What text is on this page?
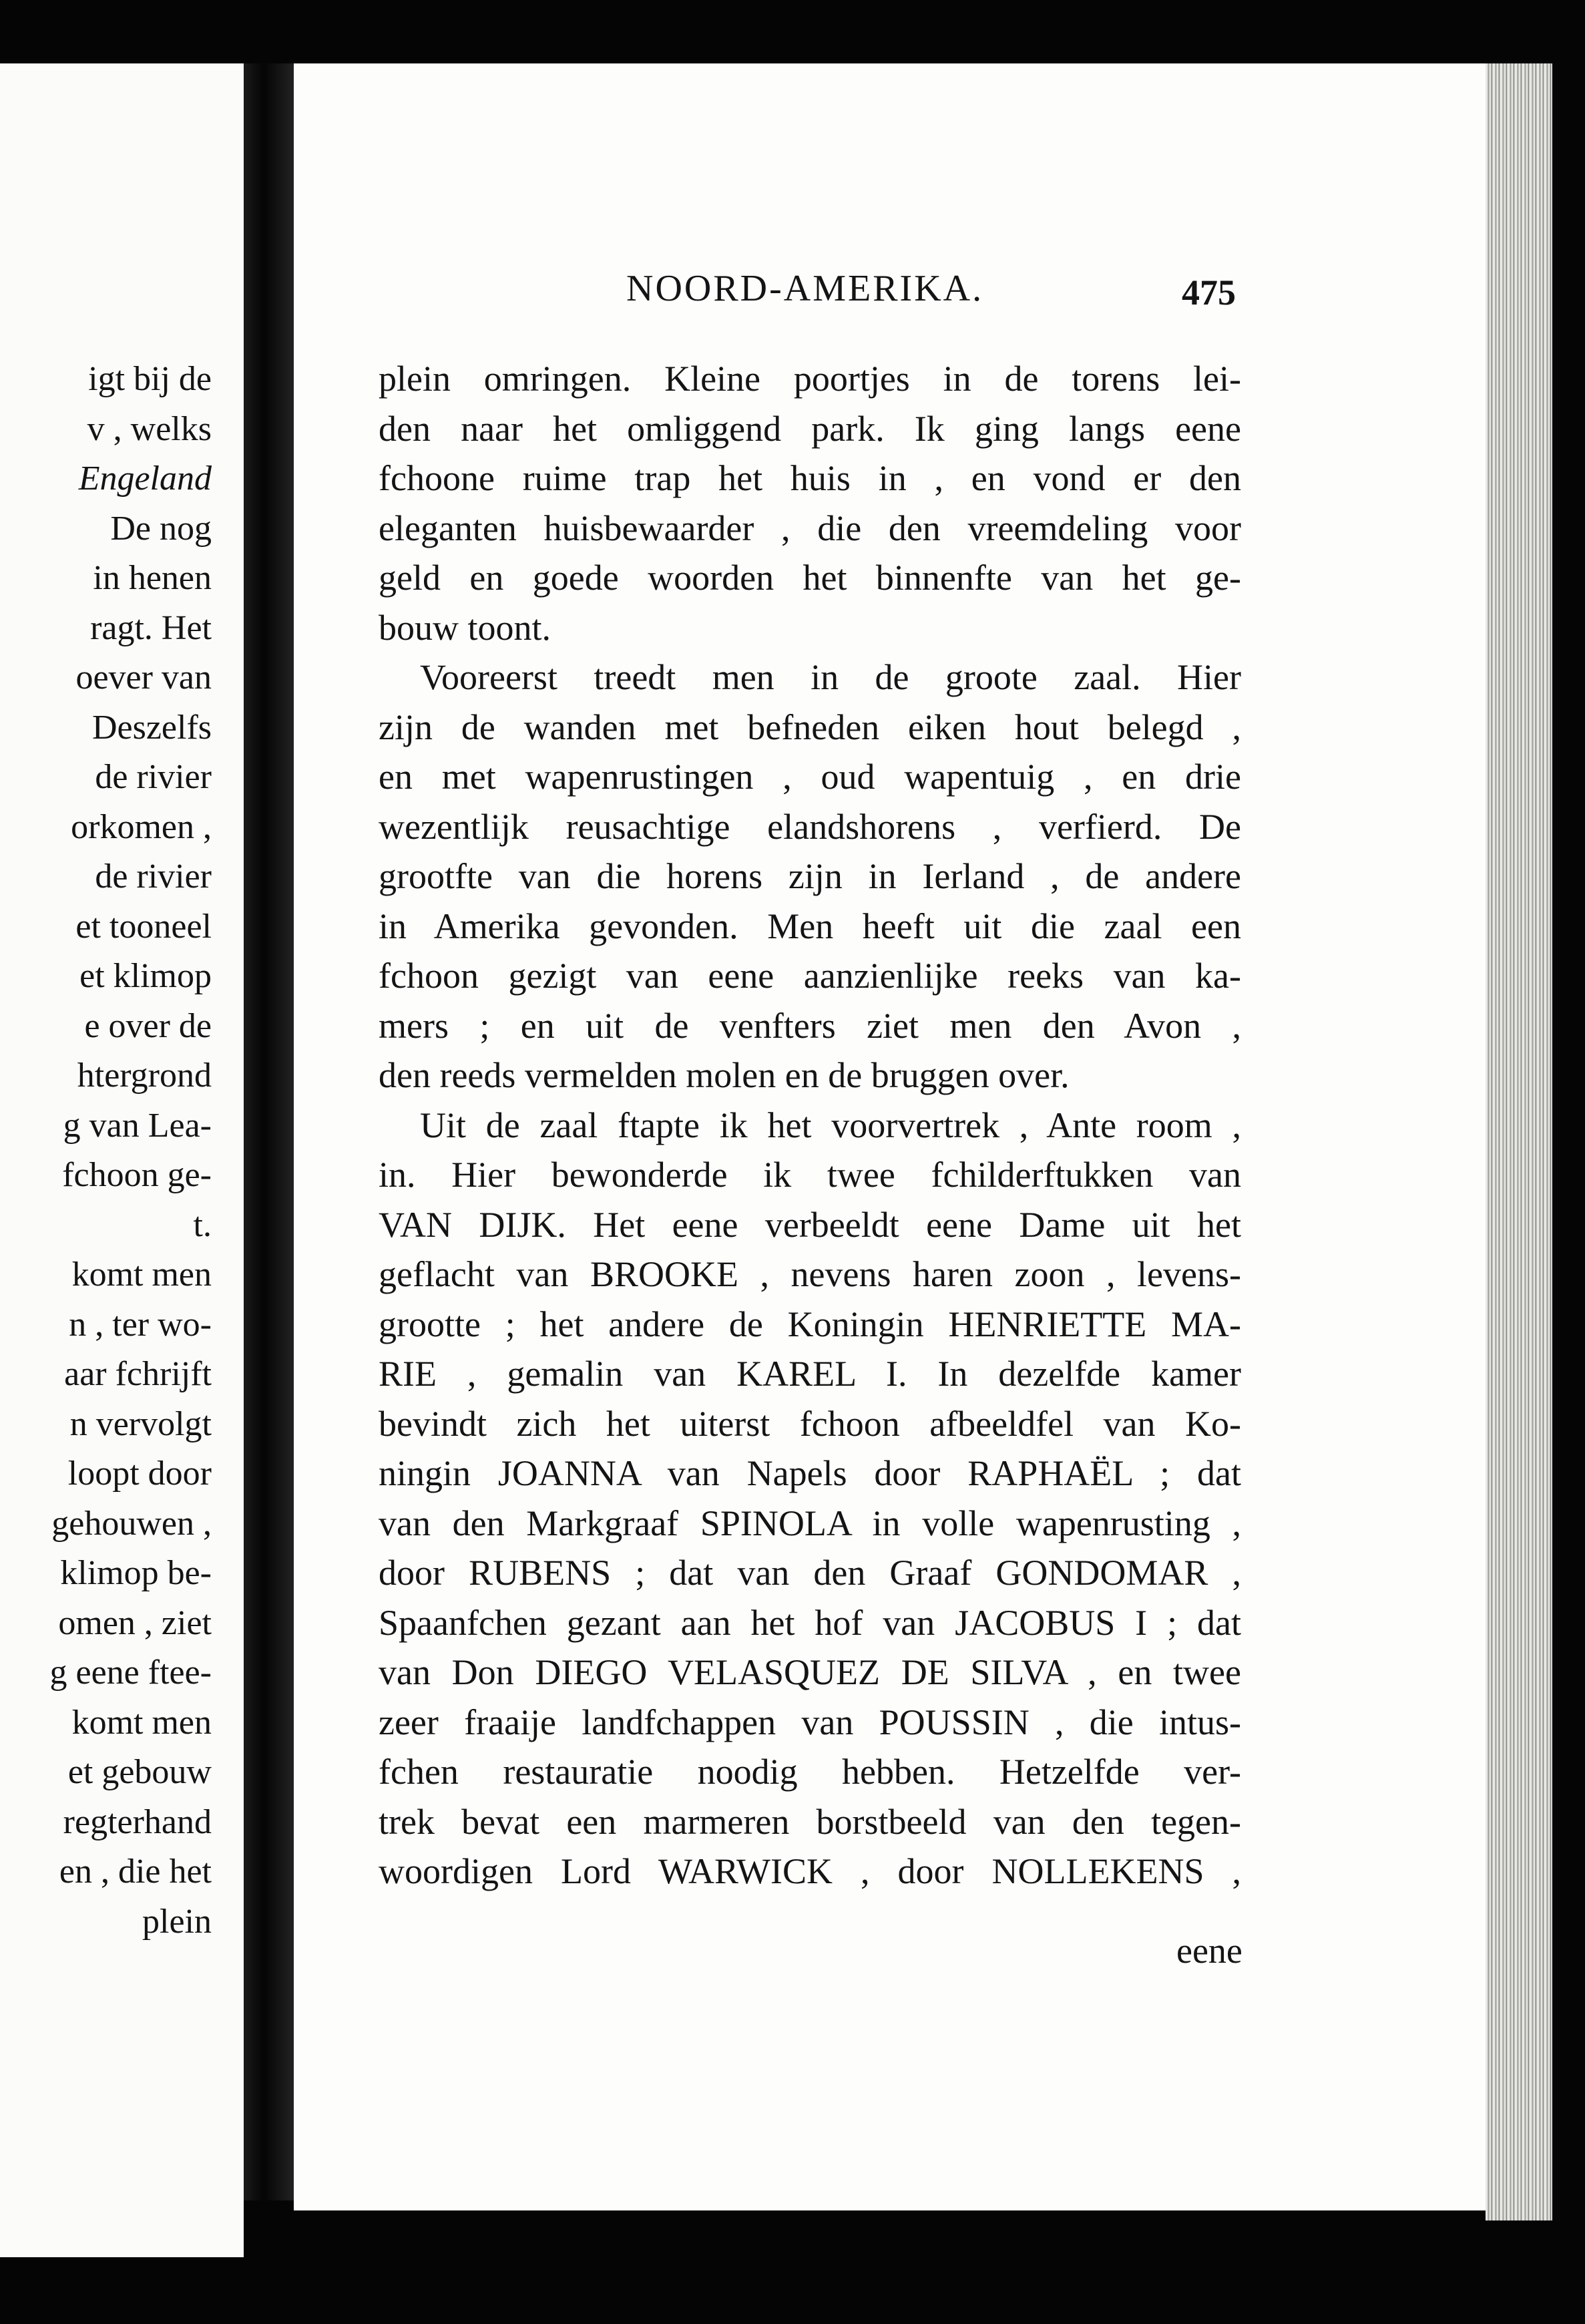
igt bij de
v , welks
Engeland
De nog
in henen
ragt. Het
oever van
Deszelfs
de rivier
orkomen ,
de rivier
et tooneel
et klimop
e over de
htergrond
g van Lea-
fchoon ge-
t.
komt men
n , ter wo-
aar fchrijft
n vervolgt
loopt door
gehouwen ,
klimop be-
omen , ziet
g eene ftee-
komt men
et gebouw
regterhand
en , die het
plein
NOORD-AMERIKA.	475
plein omringen. Kleine poortjes in de torens lei-
den naar het omliggend park. Ik ging langs eene
fchoone ruime trap het huis in , en vond er den
eleganten huisbewaarder , die den vreemdeling voor
geld en goede woorden het binnenfte van het ge-
bouw toont.
Vooreerst treedt men in de groote zaal. Hier
zijn de wanden met befneden eiken hout belegd ,
en met wapenrustingen , oud wapentuig , en drie
wezentlijk reusachtige elandshorens , verfierd. De
grootfte van die horens zijn in Ierland , de andere
in Amerika gevonden. Men heeft uit die zaal een
fchoon gezigt van eene aanzienlijke reeks van ka-
mers ; en uit de venfters ziet men den Avon ,
den reeds vermelden molen en de bruggen over.
Uit de zaal ftapte ik het voorvertrek , Ante room ,
in. Hier bewonderde ik twee fchilderftukken van
VAN DIJK. Het eene verbeeldt eene Dame uit het
geflacht van BROOKE , nevens haren zoon , levens-
grootte ; het andere de Koningin HENRIETTE MA-
RIE , gemalin van KAREL I. In dezelfde kamer
bevindt zich het uiterst fchoon afbeeldfel van Ko-
ningin JOANNA van Napels door RAPHAËL ; dat
van den Markgraaf SPINOLA in volle wapenrusting ,
door RUBENS ; dat van den Graaf GONDOMAR ,
Spaanfchen gezant aan het hof van JACOBUS I ; dat
van Don DIEGO VELASQUEZ DE SILVA , en twee
zeer fraaije landfchappen van POUSSIN , die intus-
fchen restauratie noodig hebben. Hetzelfde ver-
trek bevat een marmeren borstbeeld van den tegen-
woordigen Lord WARWICK , door NOLLEKENS ,
eene
